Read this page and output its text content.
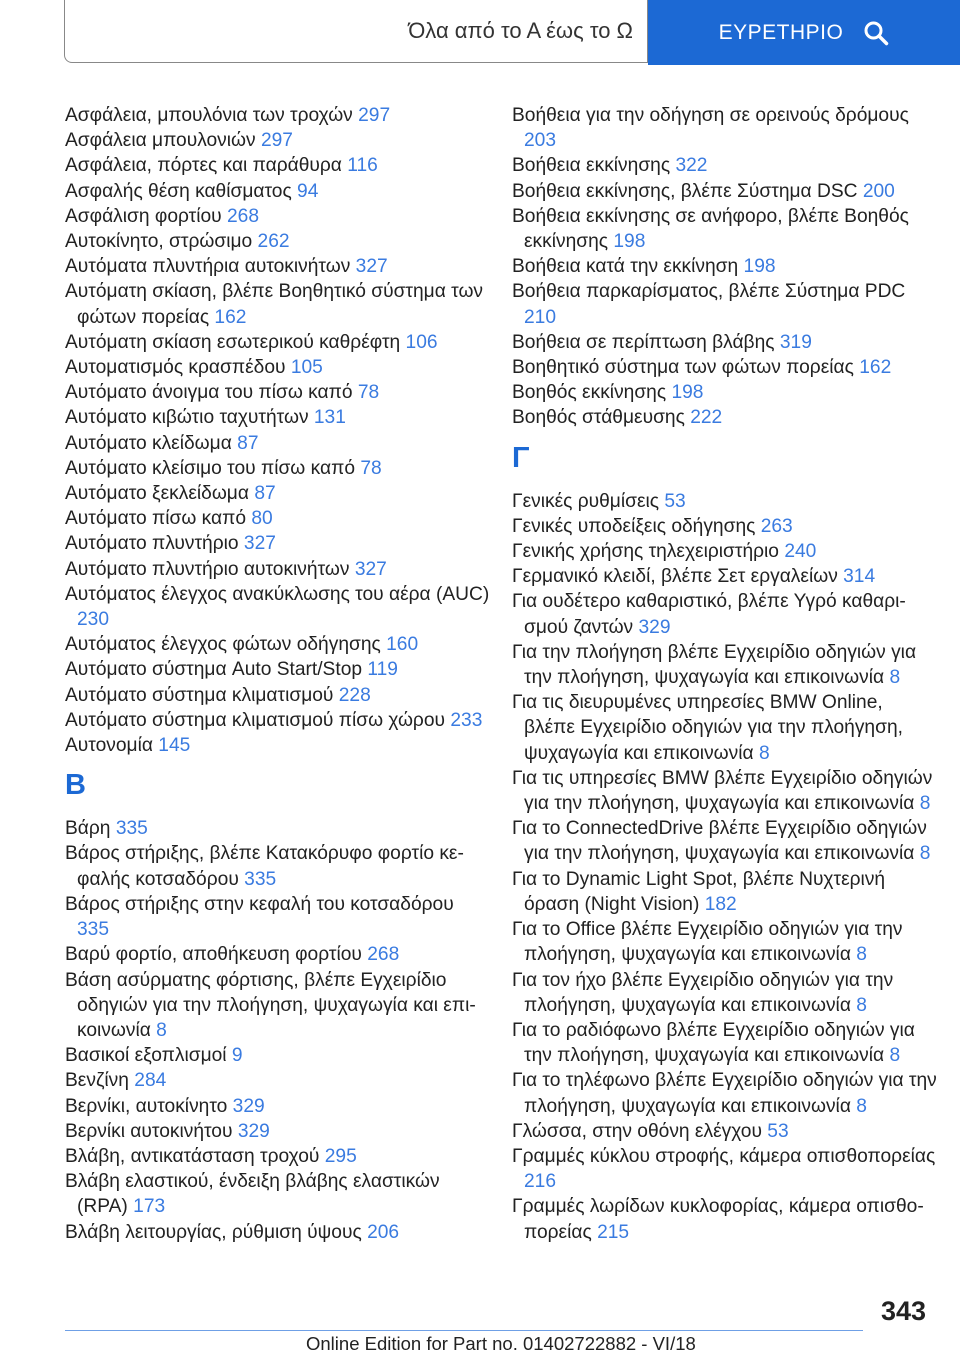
Όλα από το Α έως το Ω	ΕΥΡΕΤΗΡΙΟ

Ασφάλεια, μπουλόνια των τροχών 297

Ασφάλεια μπουλονιών 297

Ασφάλεια, πόρτες και παράθυρα 116

Ασφαλής θέση καθίσματος 94

Ασφάλιση φορτίου 268

Αυτοκίνητο, στρώσιμο 262

Αυτόματα πλυντήρια αυτοκινήτων 327

Αυτόματη σκίαση, βλέπε Βοηθητικό σύστημα των φώτων πορείας 162

Αυτόματη σκίαση εσωτερικού καθρέφτη 106

Αυτοματισμός κρασπέδου 105

Αυτόματο άνοιγμα του πίσω καπό 78

Αυτόματο κιβώτιο ταχυτήτων 131

Αυτόματο κλείδωμα 87

Αυτόματο κλείσιμο του πίσω καπό 78

Αυτόματο ξεκλείδωμα 87

Αυτόματο πίσω καπό 80

Αυτόματο πλυντήριο 327

Αυτόματο πλυντήριο αυτοκινήτων 327

Αυτόματος έλεγχος ανακύκλωσης του αέρα (AUC) 230

Αυτόματος έλεγχος φώτων οδήγησης 160

Αυτόματο σύστημα Auto Start/Stop 119

Αυτόματο σύστημα κλιματισμού 228

Αυτόματο σύστημα κλιματισμού πίσω χώρου 233

Αυτονομία 145

B

Βάρη 335

Βάρος στήριξης, βλέπε Κατακόρυφο φορτίο κεφαλής κοτσαδόρου 335

Βάρος στήριξης στην κεφαλή του κοτσαδόρου 335

Βαρύ φορτίο, αποθήκευση φορτίου 268

Βάση ασύρματης φόρτισης, βλέπε Εγχειρίδιο οδηγιών για την πλοήγηση, ψυχαγωγία και επικοινωνία 8

Βασικοί εξοπλισμοί 9

Βενζίνη 284

Βερνίκι, αυτοκίνητο 329

Βερνίκι αυτοκινήτου 329

Βλάβη, αντικατάσταση τροχού 295

Βλάβη ελαστικού, ένδειξη βλάβης ελαστικών (RPA) 173

Βλάβη λειτουργίας, ρύθμιση ύψους 206

Βοήθεια για την οδήγηση σε ορεινούς δρόμους 203

Βοήθεια εκκίνησης 322

Βοήθεια εκκίνησης, βλέπε Σύστημα DSC 200

Βοήθεια εκκίνησης σε ανήφορο, βλέπε Βοηθός εκκίνησης 198

Βοήθεια κατά την εκκίνηση 198

Βοήθεια παρκαρίσματος, βλέπε Σύστημα PDC 210

Βοήθεια σε περίπτωση βλάβης 319

Βοηθητικό σύστημα των φώτων πορείας 162

Βοηθός εκκίνησης 198

Βοηθός στάθμευσης 222

Γ

Γενικές ρυθμίσεις 53

Γενικές υποδείξεις οδήγησης 263

Γενικής χρήσης τηλεχειριστήριο 240

Γερμανικό κλειδί, βλέπε Σετ εργαλείων 314

Για ουδέτερο καθαριστικό, βλέπε Υγρό καθαρισμού ζαντών 329

Για την πλοήγηση βλέπε Εγχειρίδιο οδηγιών για την πλοήγηση, ψυχαγωγία και επικοινωνία 8

Για τις διευρυμένες υπηρεσίες BMW Online, βλέπε Εγχειρίδιο οδηγιών για την πλοήγηση, ψυχαγωγία και επικοινωνία 8

Για τις υπηρεσίες BMW βλέπε Εγχειρίδιο οδηγιών για την πλοήγηση, ψυχαγωγία και επικοινωνία 8

Για το ConnectedDrive βλέπε Εγχειρίδιο οδηγιών για την πλοήγηση, ψυχαγωγία και επικοινωνία 8

Για το Dynamic Light Spot, βλέπε Νυχτερινή όραση (Night Vision) 182

Για το Office βλέπε Εγχειρίδιο οδηγιών για την πλοήγηση, ψυχαγωγία και επικοινωνία 8

Για τον ήχο βλέπε Εγχειρίδιο οδηγιών για την πλοήγηση, ψυχαγωγία και επικοινωνία 8

Για το ραδιόφωνο βλέπε Εγχειρίδιο οδηγιών για την πλοήγηση, ψυχαγωγία και επικοινωνία 8

Για το τηλέφωνο βλέπε Εγχειρίδιο οδηγιών για την πλοήγηση, ψυχαγωγία και επικοινωνία 8

Γλώσσα, στην οθόνη ελέγχου 53

Γραμμές κύκλου στροφής, κάμερα οπισθοπορείας 216

Γραμμές λωρίδων κυκλοφορίας, κάμερα οπισθοπορείας 215

343
Online Edition for Part no. 01402722882 - VI/18
